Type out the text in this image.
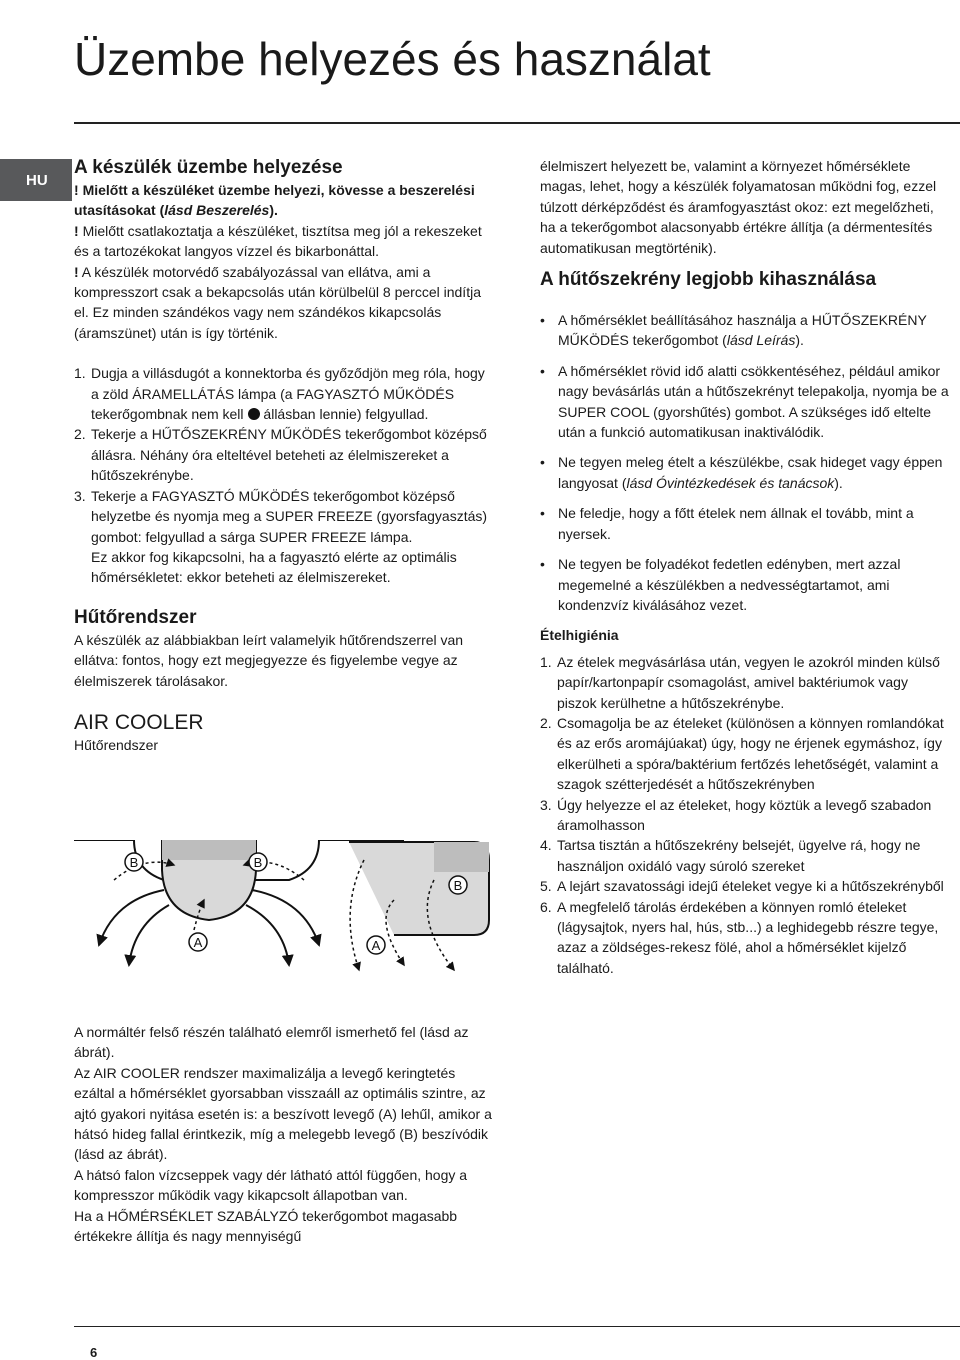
Üzembe helyezés és használat
HU

A készülék üzembe helyezése

! Mielőtt a készüléket üzembe helyezi, kövesse a beszerelési utasításokat (lásd Beszerelés).

! Mielőtt csatlakoztatja a készüléket, tisztítsa meg jól a rekeszeket és a tartozékokat langyos vízzel és bikarbonáttal.

! A készülék motorvédő szabályozással van ellátva, ami a kompresszort csak a bekapcsolás után körülbelül 8 perccel indítja el. Ez minden szándékos vagy nem szándékos kikapcsolás (áramszünet) után is így történik.

1. Dugja a villásdugót a konnektorba és győződjön meg róla, hogy a zöld ÁRAMELLÁTÁS lámpa (a FAGYASZTÓ MŰKÖDÉS tekerőgombnak nem kell állásban lennie) felgyullad.
2. Tekerje a HŰTŐSZEKRÉNY MŰKÖDÉS tekerőgombot középső állásra. Néhány óra elteltével beteheti az élelmiszereket a hűtőszekrénybe.
3. Tekerje a FAGYASZTÓ MŰKÖDÉS tekerőgombot középső helyzetbe és nyomja meg a SUPER FREEZE (gyorsfagyasztás) gombot: felgyullad a sárga SUPER FREEZE lámpa.
Ez akkor fog kikapcsolni, ha a fagyasztó elérte az optimális hőmérsékletet: ekkor beteheti az élelmiszereket.

Hűtőrendszer

A készülék az alábbiakban leírt valamelyik hűtőrendszerrel van ellátva: fontos, hogy ezt megjegyezze és figyelembe vegye az élelmiszerek tárolásakor.

AIR COOLER

Hűtőrendszer

B	B
A
B
A

A normáltér felső részén található elemről ismerhető fel (lásd az ábrát).

Az AIR COOLER rendszer maximalizálja a levegő keringtetés ezáltal a hőmérséklet gyorsabban visszaáll az optimális szintre, az ajtó gyakori nyitása esetén is: a beszívott levegő (A) lehűl, amikor a hátsó hideg fallal érintkezik, míg a melegebb levegő (B) beszívódik (lásd az ábrát).

A hátsó falon vízcseppek vagy dér látható attól függően, hogy a kompresszor működik vagy kikapcsolt állapotban van.

Ha a HŐMÉRSÉKLET SZABÁLYZÓ tekerőgombot magasabb értékekre állítja és nagy mennyiségű

élelmiszert helyezett be, valamint a környezet hőmérséklete magas, lehet, hogy a készülék folyamatosan működni fog, ezzel túlzott dérképződést és áramfogyasztást okoz: ezt megelőzheti, ha a tekerőgombot alacsonyabb értékre állítja (a dérmentesítés automatikusan megtörténik).

A hűtőszekrény legjobb kihasználása

• A hőmérséklet beállításához használja a HŰTŐSZEKRÉNY MŰKÖDÉS tekerőgombot (lásd Leírás).
• A hőmérséklet rövid idő alatti csökkentéséhez, például amikor nagy bevásárlás után a hűtőszekrényt telepakolja, nyomja be a SUPER COOL (gyorshűtés) gombot. A szükséges idő eltelte után a funkció automatikusan inaktiválódik.
• Ne tegyen meleg ételt a készülékbe, csak hideget vagy éppen langyosat (lásd Óvintézkedések és tanácsok).
• Ne feledje, hogy a főtt ételek nem állnak el tovább, mint a nyersek.
• Ne tegyen be folyadékot fedetlen edényben, mert azzal megemelné a készülékben a nedvességtartamot, ami kondenzvíz kiválásához vezet.

Ételhigiénia

1. Az ételek megvásárlása után, vegyen le azokról minden külső papír/kartonpapír csomagolást, amivel baktériumok vagy piszok kerülhetne a hűtőszekrénybe.
2. Csomagolja be az ételeket (különösen a könnyen romlandókat és az erős aromájúakat) úgy, hogy ne érjenek egymáshoz, így elkerülheti a spóra/baktérium fertőzés lehetőségét, valamint a szagok szétterjedését a hűtőszekrényben
3. Úgy helyezze el az ételeket, hogy köztük a levegő szabadon áramolhasson
4. Tartsa tisztán a hűtőszekrény belsejét, ügyelve rá, hogy ne használjon oxidáló vagy súroló szereket
5. A lejárt szavatossági idejű ételeket vegye ki a hűtőszekrényből
6. A megfelelő tárolás érdekében a könnyen romló ételeket (lágysajtok, nyers hal, hús, stb...) a leghidegebb részre tegye, azaz a zöldséges-rekesz fölé, ahol a hőmérséklet kijelző található.
6
